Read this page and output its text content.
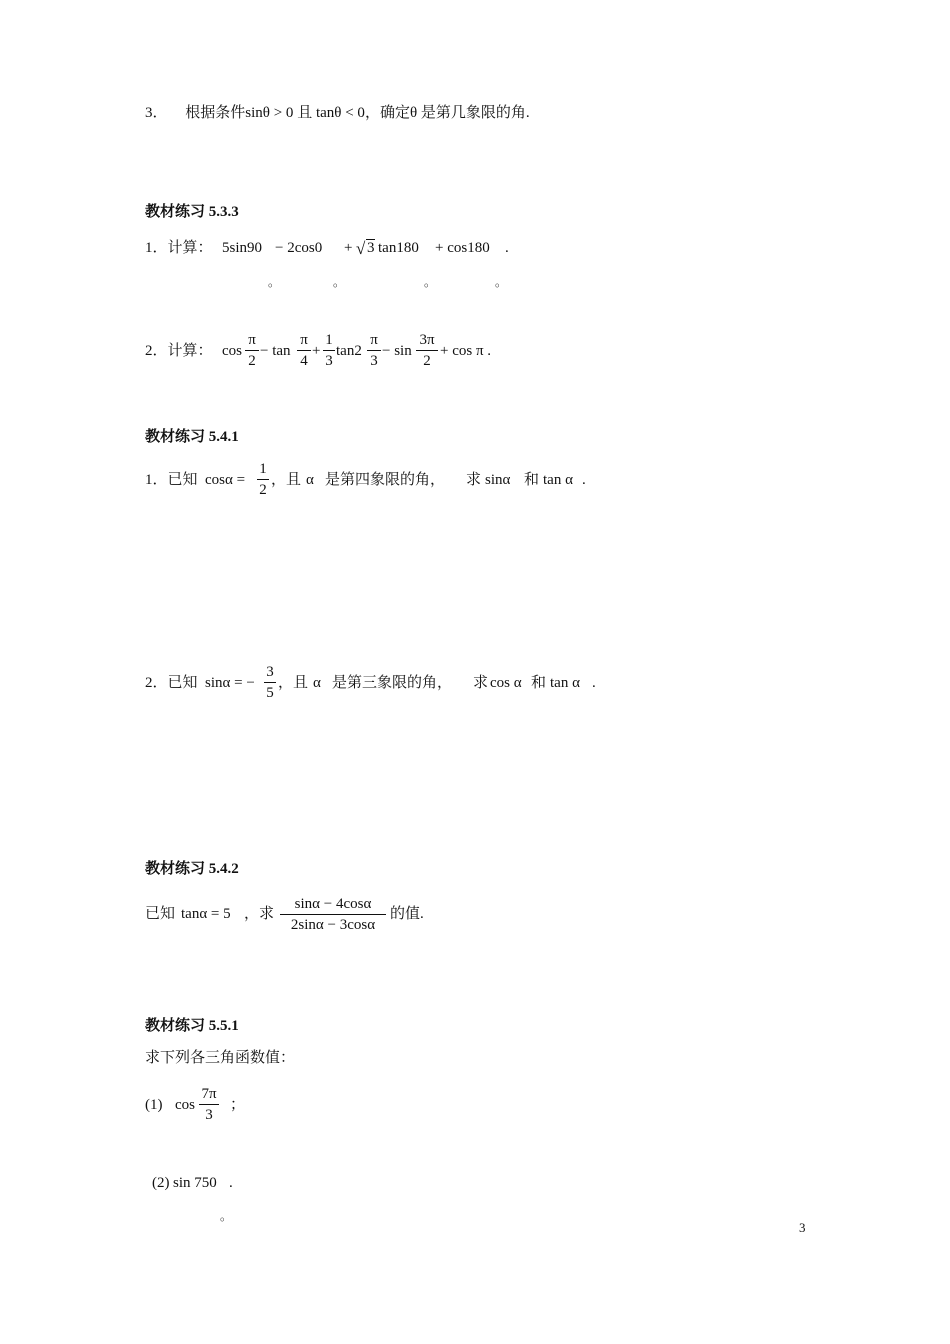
3． 根据条件sinθ > 0 且 tanθ < 0，确定θ 是第几象限的角.
教材练习 5.3.3
1．计算： 5sin90 − 2cos0 + √ 3 tan180 + cos180 .
。	。	。	。
2．计算： cos
π
2
− tan
π
4
+
1
3
tan2
π
3
− sin
3π
2
+ cos π .
教材练习 5.4.1
1．已知 cosα =
1
2
，且 α 是第四象限的角， 求 sinα 和 tan α .
2．已知 sinα = −
3
5
，且 α 是第三象限的角， 求 cos α 和 tan α .
教材练习 5.4.2
已知 tanα = 5 ，求
sinα − 4cosα
2sinα − 3cosα
的值.
教材练习 5.5.1
求下列各三角函数值：
(1) cos
7π
3
；
(2) sin 750 .
。
3
